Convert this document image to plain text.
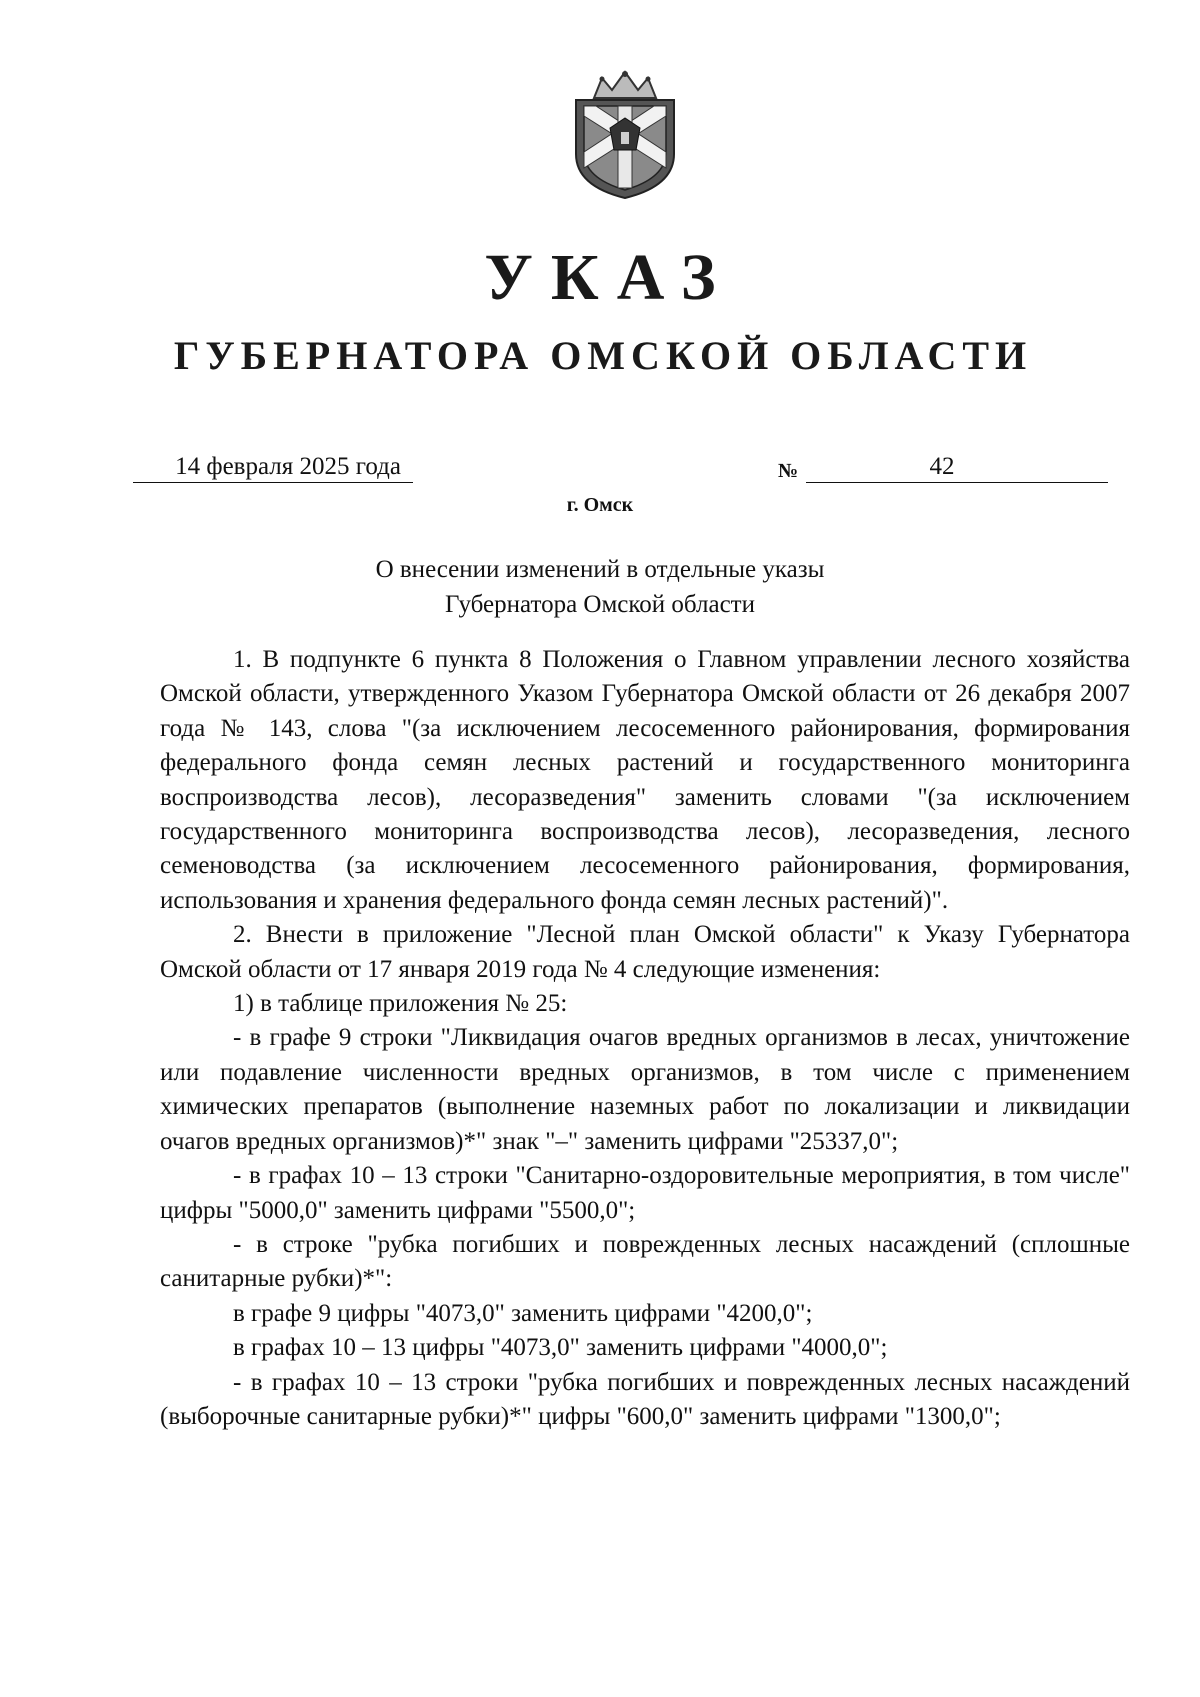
УКАЗ
ГУБЕРНАТОРА ОМСКОЙ ОБЛАСТИ
14 февраля 2025 года	№	42
г. Омск
О внесении изменений в отдельные указы
Губернатора Омской области

1. В подпункте 6 пункта 8 Положения о Главном управлении лесного хозяйства Омской области, утвержденного Указом Губернатора Омской области от 26 декабря 2007 года № 143, слова "(за исключением лесосеменного районирования, формирования федерального фонда семян лесных растений и государственного мониторинга воспроизводства лесов), лесоразведения" заменить словами "(за исключением государственного мониторинга воспроизводства лесов), лесоразведения, лесного семеноводства (за исключением лесосеменного районирования, формирования, использования и хранения федерального фонда семян лесных растений)".

2. Внести в приложение "Лесной план Омской области" к Указу Губернатора Омской области от 17 января 2019 года № 4 следующие изменения:

1) в таблице приложения № 25:

- в графе 9 строки "Ликвидация очагов вредных организмов в лесах, уничтожение или подавление численности вредных организмов, в том числе с применением химических препаратов (выполнение наземных работ по локализации и ликвидации очагов вредных организмов)*" знак "–" заменить цифрами "25337,0";

- в графах 10 – 13 строки "Санитарно-оздоровительные мероприятия, в том числе" цифры "5000,0" заменить цифрами "5500,0";

- в строке "рубка погибших и поврежденных лесных насаждений (сплошные санитарные рубки)*":

в графе 9 цифры "4073,0" заменить цифрами "4200,0";

в графах 10 – 13 цифры "4073,0" заменить цифрами "4000,0";

- в графах 10 – 13 строки "рубка погибших и поврежденных лесных насаждений (выборочные санитарные рубки)*" цифры "600,0" заменить цифрами "1300,0";
